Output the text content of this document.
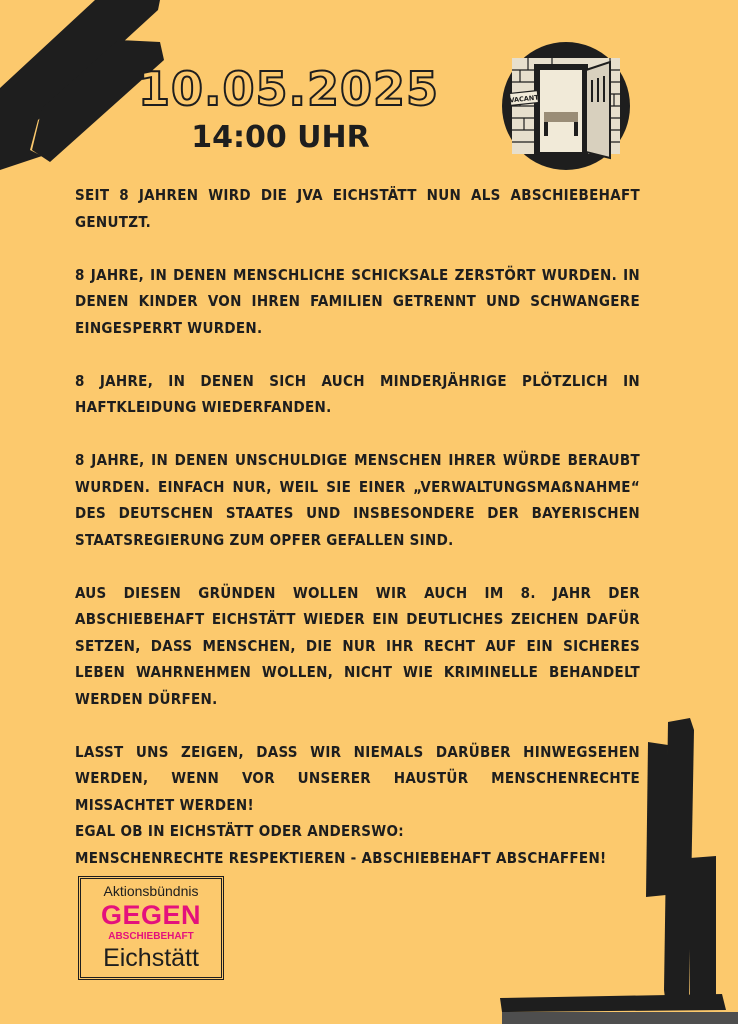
VACANT
10.05.2025
14:00 UHR

SEIT 8 JAHREN WIRD DIE JVA EICHSTÄTT NUN ALS ABSCHIEBEHAFT GENUTZT.

8 JAHRE, IN DENEN MENSCHLICHE SCHICKSALE ZERSTÖRT WURDEN. IN DENEN KINDER VON IHREN FAMILIEN GETRENNT UND SCHWANGERE EINGESPERRT WURDEN.

8 JAHRE, IN DENEN SICH AUCH MINDERJÄHRIGE PLÖTZLICH IN HAFTKLEIDUNG WIEDERFANDEN.

8 JAHRE, IN DENEN UNSCHULDIGE MENSCHEN IHRER WÜRDE BERAUBT WURDEN. EINFACH NUR, WEIL SIE EINER „VERWALTUNGSMAẞNAHME“ DES DEUTSCHEN STAATES UND INSBESONDERE DER BAYERISCHEN STAATSREGIERUNG ZUM OPFER GEFALLEN SIND.

AUS DIESEN GRÜNDEN WOLLEN WIR AUCH IM 8. JAHR DER ABSCHIEBEHAFT EICHSTÄTT WIEDER EIN DEUTLICHES ZEICHEN DAFÜR SETZEN, DASS MENSCHEN, DIE NUR IHR RECHT AUF EIN SICHERES LEBEN WAHRNEHMEN WOLLEN, NICHT WIE KRIMINELLE BEHANDELT WERDEN DÜRFEN.

LASST UNS ZEIGEN, DASS WIR NIEMALS DARÜBER HINWEGSEHEN WERDEN, WENN VOR UNSERER HAUSTÜR MENSCHENRECHTE MISSACHTET WERDEN!

EGAL OB IN EICHSTÄTT ODER ANDERSWO:

MENSCHENRECHTE RESPEKTIEREN - ABSCHIEBEHAFT ABSCHAFFEN!

Aktionsbündnis
GEGEN
ABSCHIEBEHAFT
Eichstätt
